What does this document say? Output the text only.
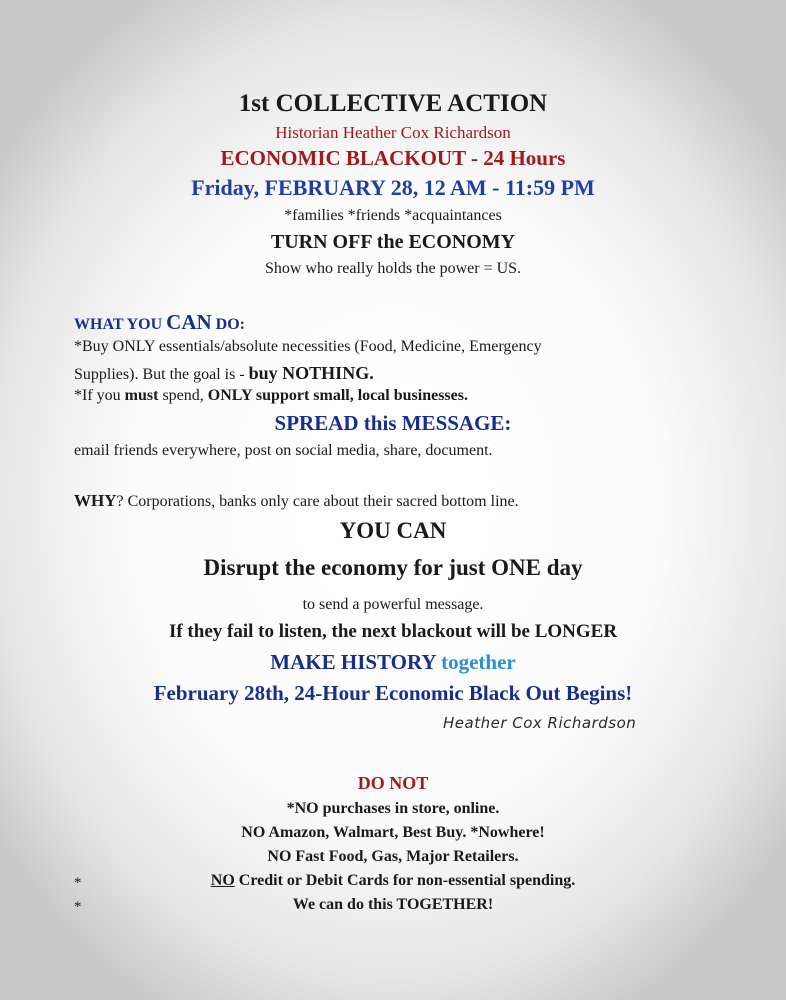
1st COLLECTIVE ACTION
Historian Heather Cox Richardson
ECONOMIC BLACKOUT - 24 Hours
Friday, FEBRUARY 28, 12 AM - 11:59 PM
*families *friends *acquaintances
TURN OFF the ECONOMY
Show who really holds the power = US.
WHAT YOU CAN DO:
*Buy ONLY essentials/absolute necessities (Food, Medicine, Emergency
Supplies). But the goal is - buy NOTHING.
*If you must spend, ONLY support small, local businesses.
SPREAD this MESSAGE:
email friends everywhere, post on social media, share, document.
WHY? Corporations, banks only care about their sacred bottom line.
YOU CAN
Disrupt the economy for just ONE day
to send a powerful message.
If they fail to listen, the next blackout will be LONGER
MAKE HISTORY together
February 28th, 24-Hour Economic Black Out Begins!
Heather Cox Richardson
DO NOT
*NO purchases in store, online.
NO Amazon, Walmart, Best Buy. *Nowhere!
NO Fast Food, Gas, Major Retailers.
*	NO Credit or Debit Cards for non-essential spending.
*	We can do this TOGETHER!
